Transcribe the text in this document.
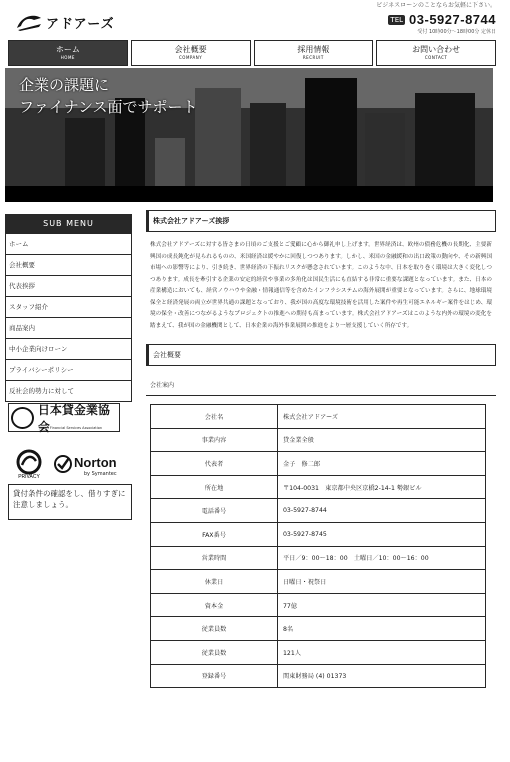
ビジネスローンのことならお気軽に下さい。
アドアーズ	TEL 03-5927-8744
受付 10時00分〜18時00分 定休日
ホーム
HOME
会社概要
COMPANY
採用情報
RECRUIT
お問い合わせ
CONTACT
企業の課題に
ファイナンス面でサポート
SUB MENU
ホーム
会社概要
代表挨拶
スタッフ紹介
商品案内
中小企業向けローン
プライバシーポリシー
反社会的勢力に対して
日本貸金業協会
Japan Financial Services Association
PRIVACY
Norton
by Symantec
貸付条件の確認をし、借りすぎに注意しましょう。
株式会社アドアーズ挨拶
株式会社アドアーズに対する皆さまの日頃のご支援とご愛顧に心から御礼申し上げます。世界経済は、欧州の債務危機の長期化、主要新興国の成長鈍化が見られるものの、米国経済は緩やかに回復しつつあります。しかし、米国の金融緩和の出口政策の動向や、その新興国市場への影響等により、引き続き、世界経済の下振れリスクが懸念されています。このような中、日本を取り巻く環境は大きく変化しつつあります。成長を牽引する企業の安定的経営や事業の多角化は国民生活にも直結する非常に重要な課題となっています。また、日本の産業構造においても、経営ノウハウや金融・情報通信等を含めたインフラシステムの海外展開が重要となっています。さらに、地球環境保全と経済発展の両立が世界共通の課題となっており、我が国の高度な環境技術を活用した案件や再生可能エネルギー案件をはじめ、環境の保全・改善につながるようなプロジェクトの推進への期待も高まっています。株式会社アドアーズはこのような内外の環境の変化を踏まえて、我が国の金融機関として、日本企業の海外事業展開の推進をより一層支援していく所存です。
会社概要
会社案内
会社名	株式会社アドアーズ
事業内容	貸金業全般
代表者	金子　修二郎
所在地	〒104-0031　東京都中央区京橋2-14-1 勢銀ビル
電話番号	03-5927-8744
FAX番号	03-5927-8745
営業時間	平日／9：00〜18：00　土曜日／10：00〜16：00
休業日	日曜日・祝祭日
資本金	77億
従業員数	8名
従業員数	121人
登録番号	関東財務局 (4) 01373
